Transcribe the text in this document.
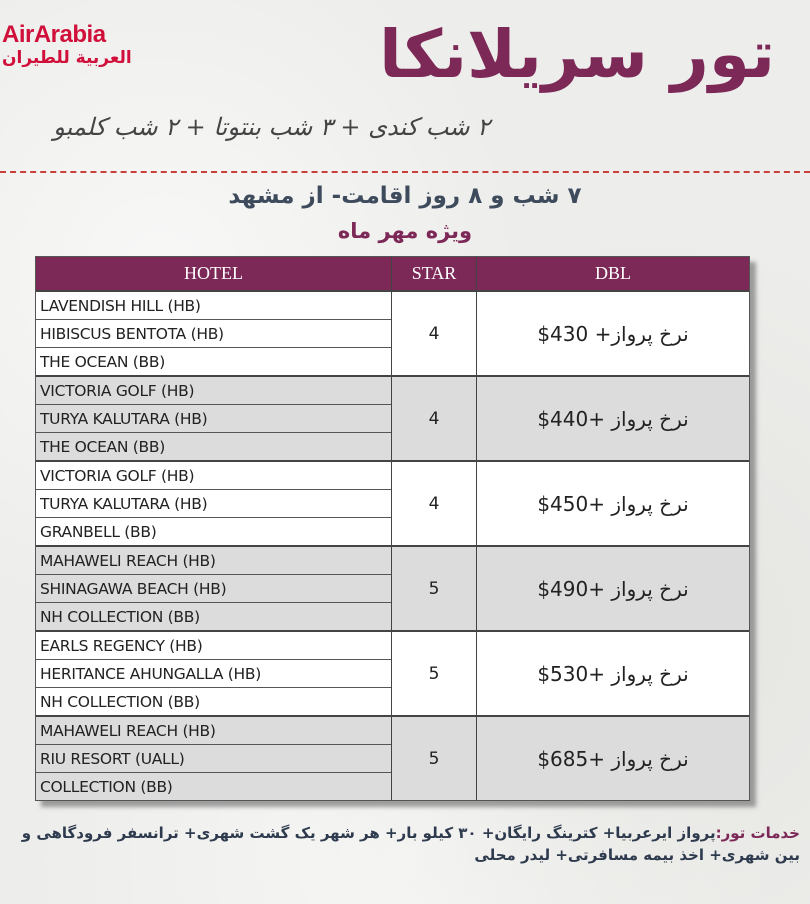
AirArabia
العربية للطيران	تور سریلانکا
۲ شب کندی + ۳ شب بنتوتا + ۲ شب کلمبو
۷ شب و ۸ روز اقامت- از مشهد
ویژه مهر ماه
HOTEL	STAR	DBL
LAVENDISH HILL (HB)
HIBISCUS BENTOTA (HB)
THE OCEAN (BB)
4	نرخ پرواز+ 430$
VICTORIA GOLF (HB)
TURYA KALUTARA (HB)
THE OCEAN (BB)
4	نرخ پرواز +440$
VICTORIA GOLF (HB)
TURYA KALUTARA (HB)
GRANBELL (BB)
4	نرخ پرواز +450$
MAHAWELI REACH (HB)
SHINAGAWA BEACH (HB)
NH COLLECTION (BB)
5	نرخ پرواز +490$
EARLS REGENCY (HB)
HERITANCE AHUNGALLA (HB)
NH COLLECTION (BB)
5	نرخ پرواز +530$
MAHAWELI REACH (HB)
RIU RESORT (UALL)
COLLECTION (BB)
5	نرخ پرواز +685$
خدمات تور:پرواز ایرعربیا+ کترینگ رایگان+ ۳۰ کیلو بار+ هر شهر یک گشت شهری+ ترانسفر فرودگاهی و بین شهری+ اخذ بیمه مسافرتی+ لیدر محلی
